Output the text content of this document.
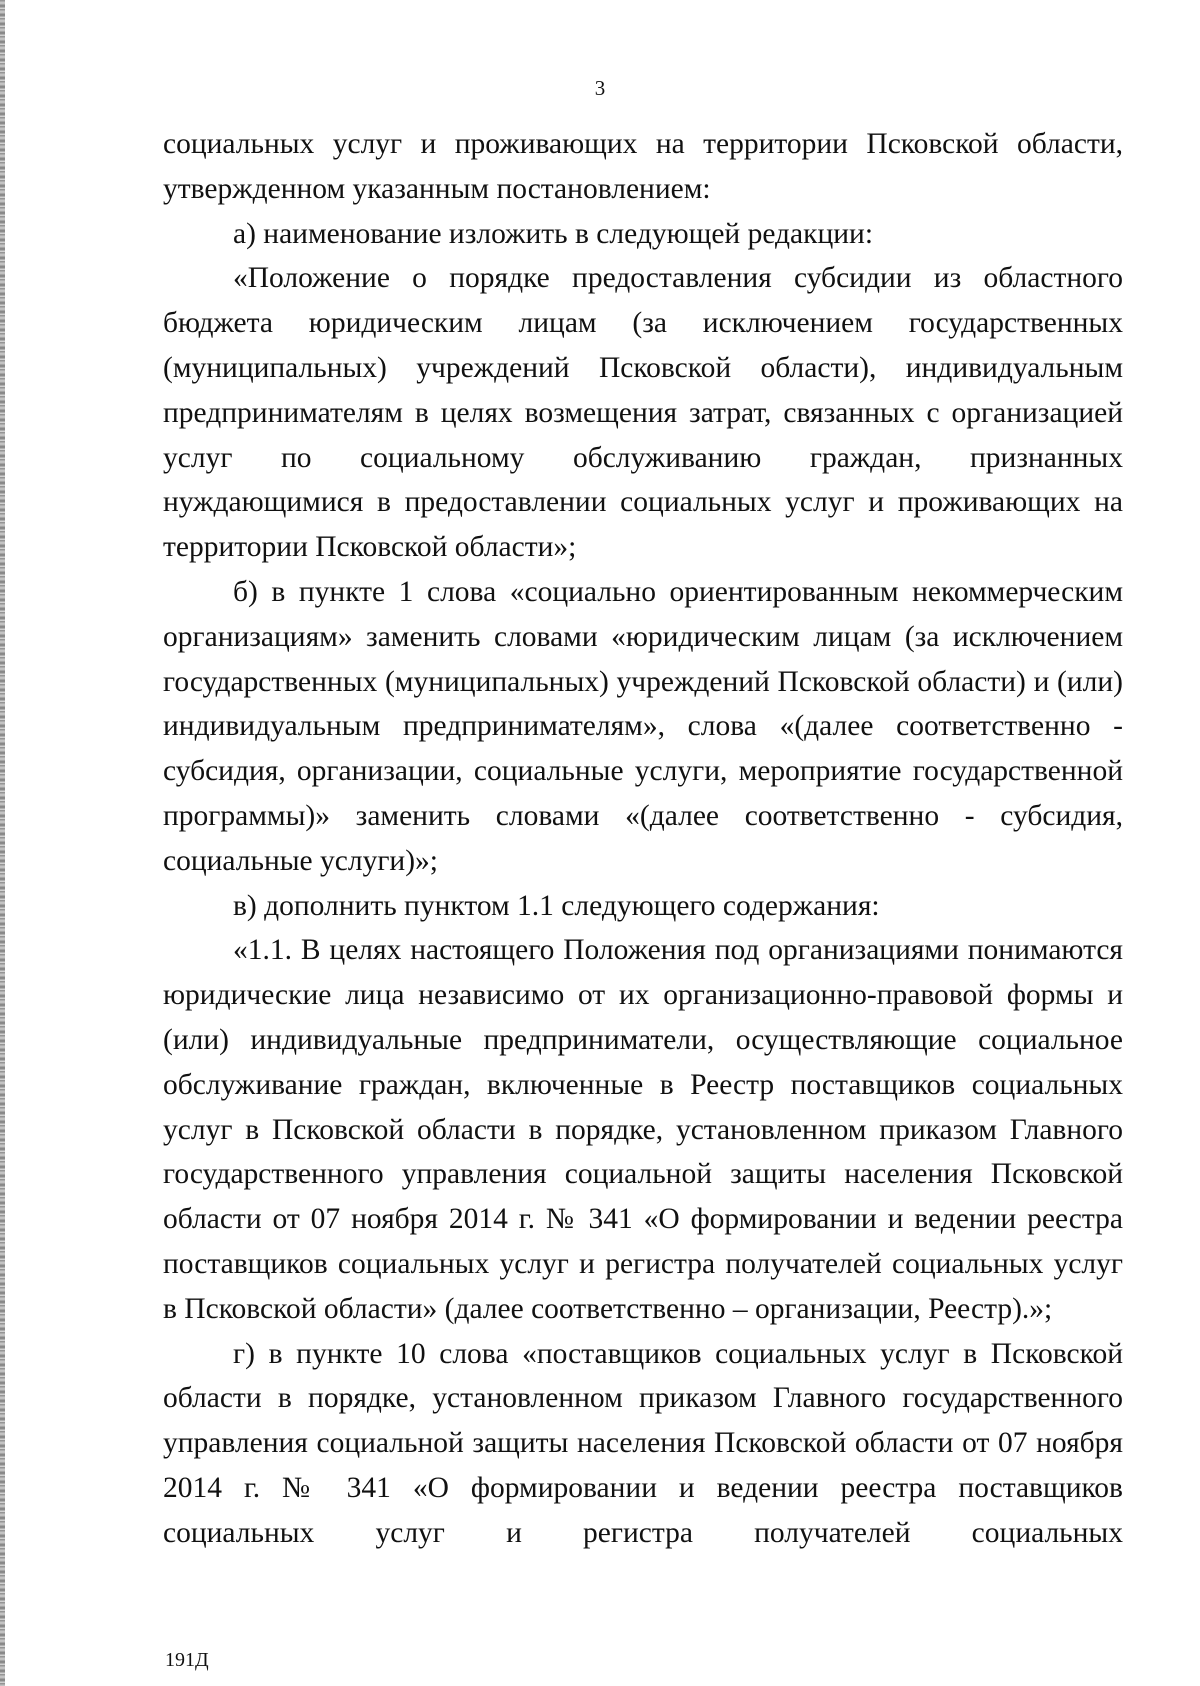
3

социальных услуг и проживающих на территории Псковской области, утвержденном указанным постановлением:

а) наименование изложить в следующей редакции:

«Положение о порядке предоставления субсидии из областного бюджета юридическим лицам (за исключением государственных (муниципальных) учреждений Псковской области), индивидуальным предпринимателям в целях возмещения затрат, связанных с организацией услуг по социальному обслуживанию граждан, признанных нуждающимися в предоставлении социальных услуг и проживающих на территории Псковской области»;

б) в пункте 1 слова «социально ориентированным некоммерческим организациям» заменить словами «юридическим лицам (за исключением государственных (муниципальных) учреждений Псковской области) и (или) индивидуальным предпринимателям», слова «(далее соответственно - субсидия, организации, социальные услуги, мероприятие государственной программы)» заменить словами «(далее соответственно - субсидия, социальные услуги)»;

в) дополнить пунктом 1.1 следующего содержания:

«1.1. В целях настоящего Положения под организациями понимаются юридические лица независимо от их организационно-правовой формы и (или) индивидуальные предприниматели, осуществляющие социальное обслуживание граждан, включенные в Реестр поставщиков социальных услуг в Псковской области в порядке, установленном приказом Главного государственного управления социальной защиты населения Псковской области от 07 ноября 2014 г. № 341 «О формировании и ведении реестра поставщиков социальных услуг и регистра получателей социальных услуг в Псковской области» (далее соответственно – организации, Реестр).»;

г) в пункте 10 слова «поставщиков социальных услуг в Псковской области в порядке, установленном приказом Главного государственного управления социальной защиты населения Псковской области от 07 ноября 2014 г. № 341 «О формировании и ведении реестра поставщиков социальных услуг и регистра получателей социальных

191Д
